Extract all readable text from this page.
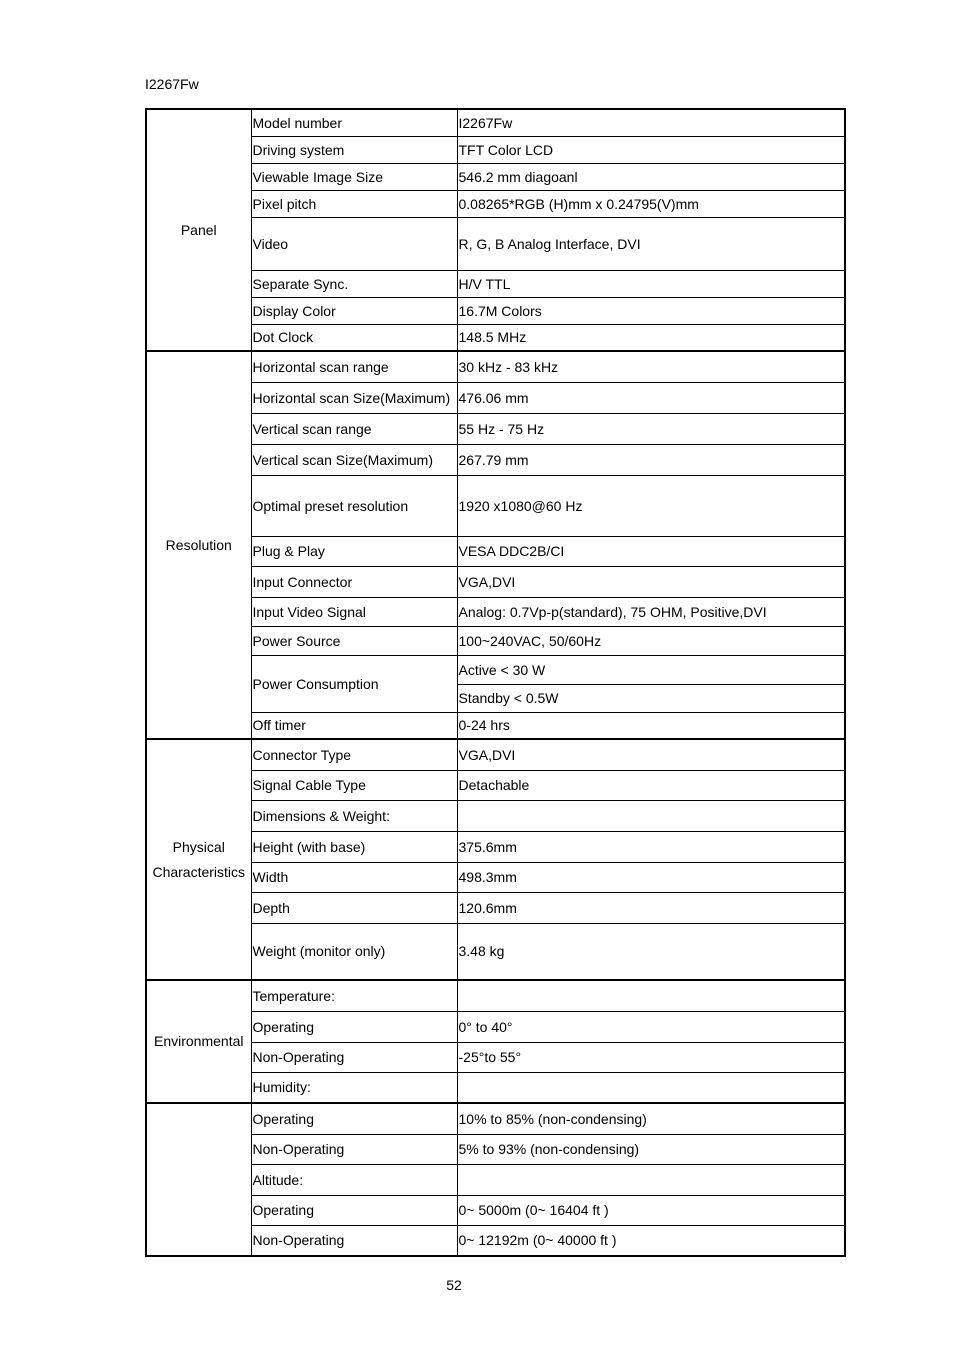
I2267Fw
Panel	Model number	I2267Fw
	Driving system	TFT Color LCD
	Viewable Image Size	546.2 mm diagoanl
	Pixel pitch	0.08265*RGB (H)mm x 0.24795(V)mm
	Video	R, G, B Analog Interface, DVI
	Separate Sync.	H/V TTL
	Display Color	16.7M Colors
	Dot Clock	148.5 MHz
Resolution	Horizontal scan range	30 kHz - 83 kHz
	Horizontal scan Size(Maximum)	476.06 mm
	Vertical scan range	55 Hz - 75 Hz
	Vertical scan Size(Maximum)	267.79 mm
	Optimal preset resolution	1920 x1080@60 Hz
	Plug & Play	VESA DDC2B/CI
	Input Connector	VGA,DVI
	Input Video Signal	Analog: 0.7Vp-p(standard), 75 OHM, Positive,DVI
	Power Source	100~240VAC, 50/60Hz
	Power Consumption	Active < 30 W
		Standby < 0.5W
	Off timer	0-24 hrs
Physical Characteristics	Connector Type	VGA,DVI
	Signal Cable Type	Detachable
	Dimensions & Weight:	
	Height (with base)	375.6mm
	Width	498.3mm
	Depth	120.6mm
	Weight (monitor only)	3.48 kg
Environmental	Temperature:	
	Operating	0° to 40°
	Non-Operating	-25°to 55°
	Humidity:	
	Operating	10% to 85% (non-condensing)
	Non-Operating	5% to 93% (non-condensing)
	Altitude:	
	Operating	0~ 5000m (0~ 16404 ft )
	Non-Operating	0~ 12192m (0~ 40000 ft )
52
